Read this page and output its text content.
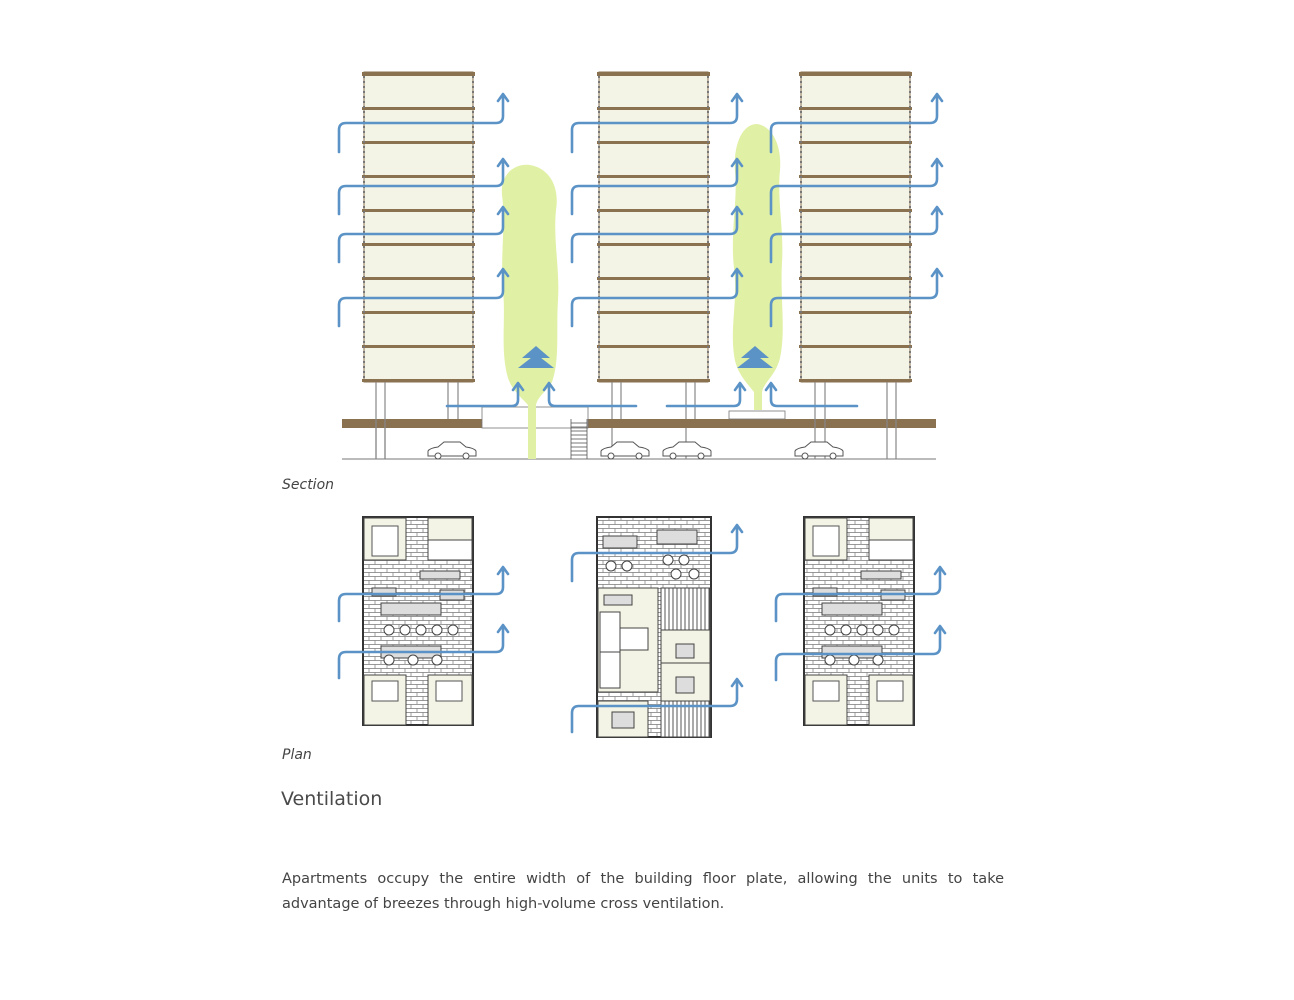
Section
Plan
Ventilation
Apartments occupy the entire width of the building floor plate, allowing the units to take advantage of breezes through high-volume cross ventilation.
